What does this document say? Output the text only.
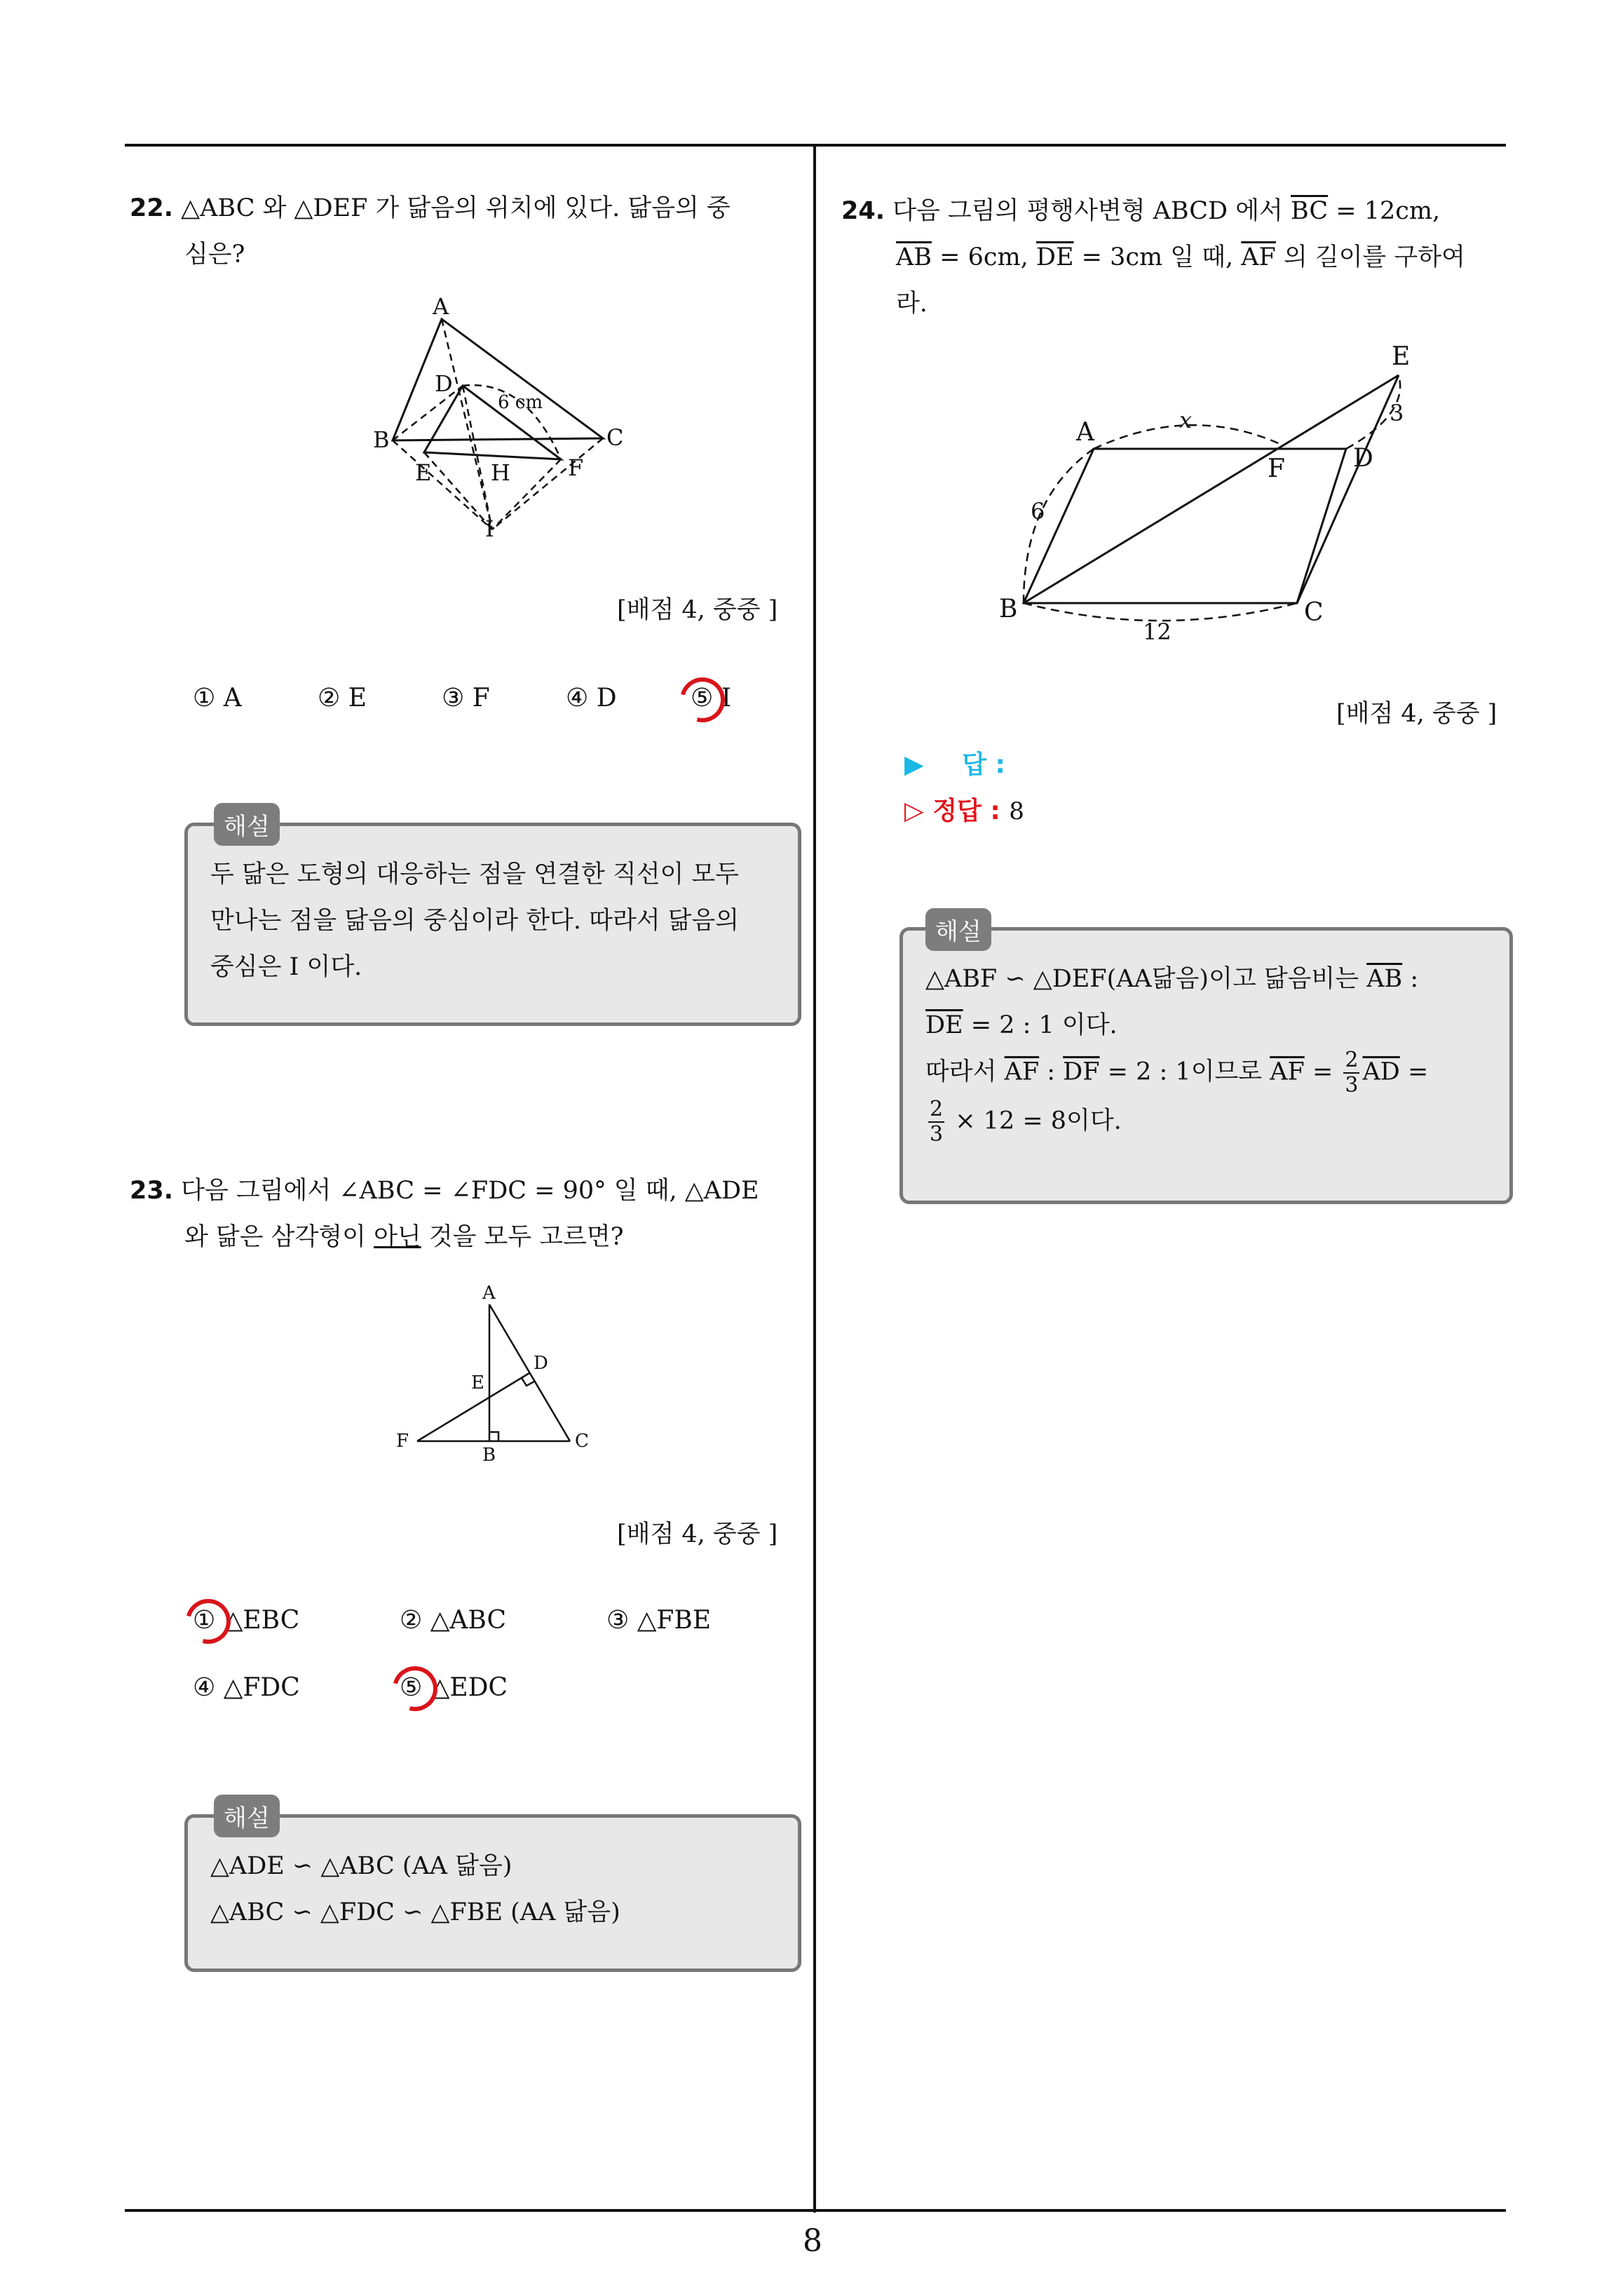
22. △ABC 와 △DEF 가 닮음의 위치에 있다. 닮음의 중
심은?
A
B	C
D
E	F
H
I
6 cm
[배점 4, 중중 ]
① A	② E	③ F	④ D	⑤ I
두 닮은 도형의 대응하는 점을 연결한 직선이 모두
만나는 점을 닮음의 중심이라 한다. 따라서 닮음의
중심은 I 이다.
해설
23. 다음 그림에서 ∠ABC = ∠FDC = 90° 일 때, △ADE
와 닮은 삼각형이 아닌 것을 모두 고르면?
A
B
C
D
E
F
[배점 4, 중중 ]
① △EBC	② △ABC	③ △FBE
④ △FDC	⑤ △EDC
△ADE ∽ △ABC (AA 닮음)
△ABC ∽ △FDC ∽ △FBE (AA 닮음)
해설
24. 다음 그림의 평행사변형 ABCD 에서 $\overline{BC} = 12cm$,
$\overline{AB} = 6cm$, $\overline{DE} = 3cm$ 일 때, $\overline{AF}$ 의 길이를 구하여
라.
A
B	C
D
E
F
x
6
3
12
[배점 4, 중중 ]
▶ 답 :
▷ 정답 : 8
△ABF ∽ △DEF(AA닮음)이고 닮음비는 $\overline{AB}$ :
$\overline{DE} = 2$ : 1 이다.
따라서 $\overline{AF}$ : $\overline{DF} = 2$ : 1이므로 $\overline{AF} = \frac{2}{3} \overline{AD}$ =
$\frac{2}{3} \times 12 = 8$이다.
해설
8
